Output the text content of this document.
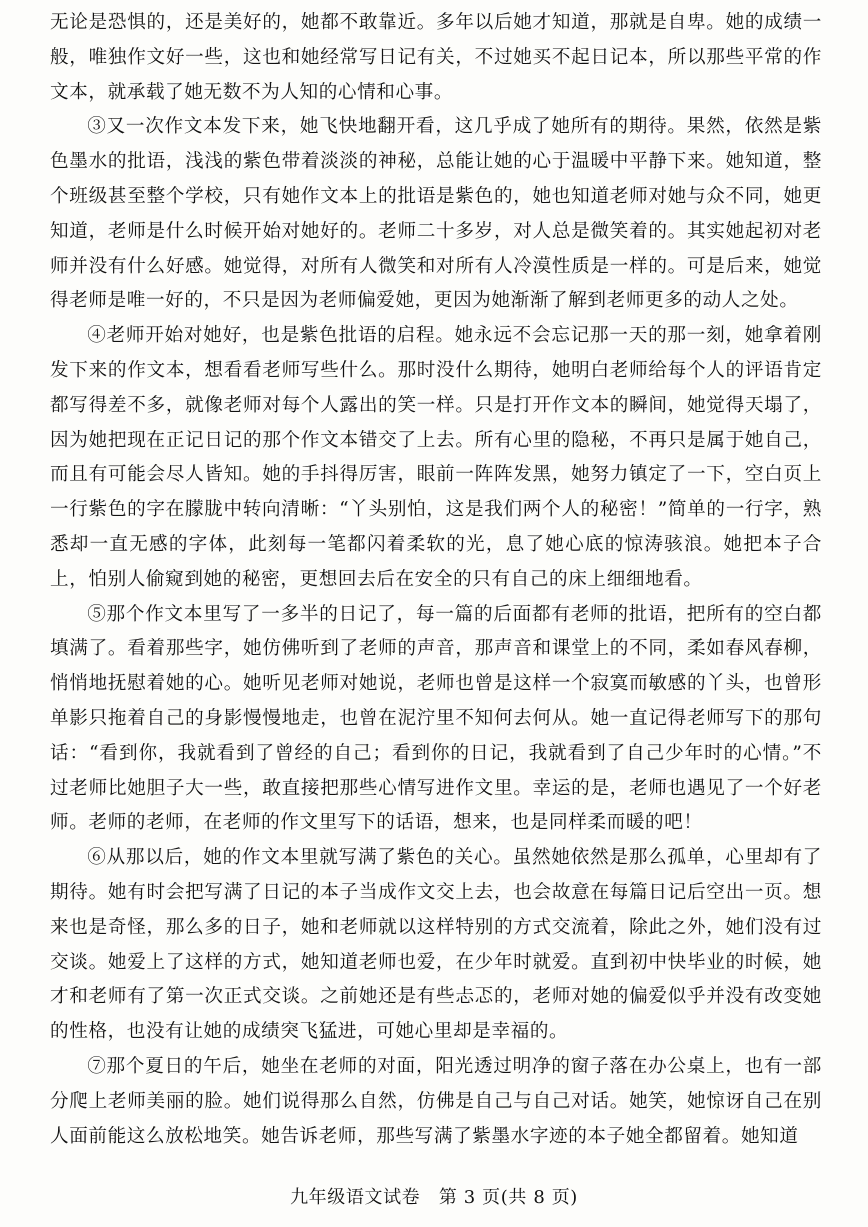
无论是恐惧的，还是美好的，她都不敢靠近。多年以后她才知道，那就是自卑。她的成绩一般，唯独作文好一些，这也和她经常写日记有关，不过她买不起日记本，所以那些平常的作文本，就承载了她无数不为人知的心情和心事。

③又一次作文本发下来，她飞快地翻开看，这几乎成了她所有的期待。果然，依然是紫色墨水的批语，浅浅的紫色带着淡淡的神秘，总能让她的心于温暖中平静下来。她知道，整个班级甚至整个学校，只有她作文本上的批语是紫色的，她也知道老师对她与众不同，她更知道，老师是什么时候开始对她好的。老师二十多岁，对人总是微笑着的。其实她起初对老师并没有什么好感。她觉得，对所有人微笑和对所有人冷漠性质是一样的。可是后来，她觉得老师是唯一好的，不只是因为老师偏爱她，更因为她渐渐了解到老师更多的动人之处。

④老师开始对她好，也是紫色批语的启程。她永远不会忘记那一天的那一刻，她拿着刚发下来的作文本，想看看老师写些什么。那时没什么期待，她明白老师给每个人的评语肯定都写得差不多，就像老师对每个人露出的笑一样。只是打开作文本的瞬间，她觉得天塌了，因为她把现在正记日记的那个作文本错交了上去。所有心里的隐秘，不再只是属于她自己，而且有可能会尽人皆知。她的手抖得厉害，眼前一阵阵发黑，她努力镇定了一下，空白页上一行紫色的字在朦胧中转向清晰：“丫头别怕，这是我们两个人的秘密！”简单的一行字，熟悉却一直无感的字体，此刻每一笔都闪着柔软的光，息了她心底的惊涛骇浪。她把本子合上，怕别人偷窥到她的秘密，更想回去后在安全的只有自己的床上细细地看。

⑤那个作文本里写了一多半的日记了，每一篇的后面都有老师的批语，把所有的空白都填满了。看着那些字，她仿佛听到了老师的声音，那声音和课堂上的不同，柔如春风春柳，悄悄地抚慰着她的心。她听见老师对她说，老师也曾是这样一个寂寞而敏感的丫头，也曾形单影只拖着自己的身影慢慢地走，也曾在泥泞里不知何去何从。她一直记得老师写下的那句话：“看到你，我就看到了曾经的自己；看到你的日记，我就看到了自己少年时的心情。”不过老师比她胆子大一些，敢直接把那些心情写进作文里。幸运的是，老师也遇见了一个好老师。老师的老师，在老师的作文里写下的话语，想来，也是同样柔而暖的吧！

⑥从那以后，她的作文本里就写满了紫色的关心。虽然她依然是那么孤单，心里却有了期待。她有时会把写满了日记的本子当成作文交上去，也会故意在每篇日记后空出一页。想来也是奇怪，那么多的日子，她和老师就以这样特别的方式交流着，除此之外，她们没有过交谈。她爱上了这样的方式，她知道老师也爱，在少年时就爱。直到初中快毕业的时候，她才和老师有了第一次正式交谈。之前她还是有些忐忑的，老师对她的偏爱似乎并没有改变她的性格，也没有让她的成绩突飞猛进，可她心里却是幸福的。

⑦那个夏日的午后，她坐在老师的对面，阳光透过明净的窗子落在办公桌上，也有一部分爬上老师美丽的脸。她们说得那么自然，仿佛是自己与自己对话。她笑，她惊讶自己在别人面前能这么放松地笑。她告诉老师，那些写满了紫墨水字迹的本子她全都留着。她知道

九年级语文试卷　第 3 页(共 8 页)
